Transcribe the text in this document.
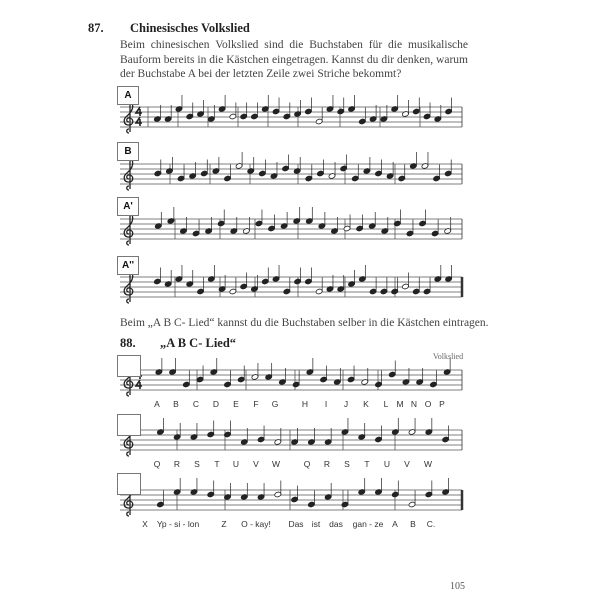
87. Chinesisches Volkslied
Beim chinesischen Volkslied sind die Buchstaben für die musikalische Bauform bereits in die Kästchen eingetragen. Kannst du dir denken, warum der Buchstabe A bei der letzten Zeile zwei Striche bekommt?
A
B
A'
A''
Beim „A B C- Lied“ kannst du die Buchstaben selber in die Kästchen eintragen.
88. „A B C- Lied“
Volkslied
A B C D E F G	H I J K L M N O P
Q R S T U V W	Q R S T U V W
X Yp - si - lon	Z O - kay! Das ist das gan - ze A B C.
105
